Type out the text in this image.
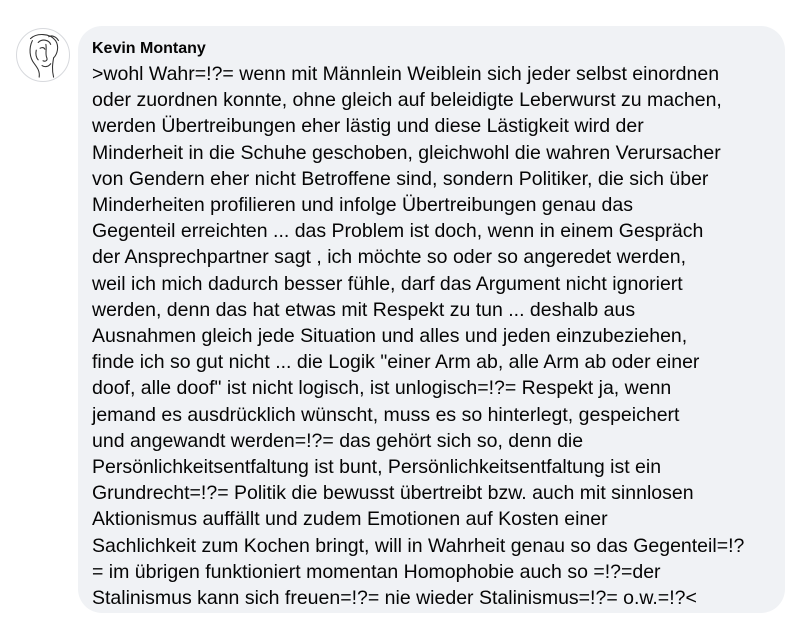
Kevin Montany

>wohl Wahr=!?= wenn mit Männlein Weiblein sich jeder selbst einordnen
oder zuordnen konnte, ohne gleich auf beleidigte Leberwurst zu machen,
werden Übertreibungen eher lästig und diese Lästigkeit wird der
Minderheit in die Schuhe geschoben, gleichwohl die wahren Verursacher
von Gendern eher nicht Betroffene sind, sondern Politiker, die sich über
Minderheiten profilieren und infolge Übertreibungen genau das
Gegenteil erreichten ... das Problem ist doch, wenn in einem Gespräch
der Ansprechpartner sagt , ich möchte so oder so angeredet werden,
weil ich mich dadurch besser fühle, darf das Argument nicht ignoriert
werden, denn das hat etwas mit Respekt zu tun ... deshalb aus
Ausnahmen gleich jede Situation und alles und jeden einzubeziehen,
finde ich so gut nicht ... die Logik "einer Arm ab, alle Arm ab oder einer
doof, alle doof" ist nicht logisch, ist unlogisch=!?= Respekt ja, wenn
jemand es ausdrücklich wünscht, muss es so hinterlegt, gespeichert
und angewandt werden=!?= das gehört sich so, denn die
Persönlichkeitsentfaltung ist bunt, Persönlichkeitsentfaltung ist ein
Grundrecht=!?= Politik die bewusst übertreibt bzw. auch mit sinnlosen
Aktionismus auffällt und zudem Emotionen auf Kosten einer
Sachlichkeit zum Kochen bringt, will in Wahrheit genau so das Gegenteil=!?
= im übrigen funktioniert momentan Homophobie auch so =!?=der
Stalinismus kann sich freuen=!?= nie wieder Stalinismus=!?= o.w.=!?<
